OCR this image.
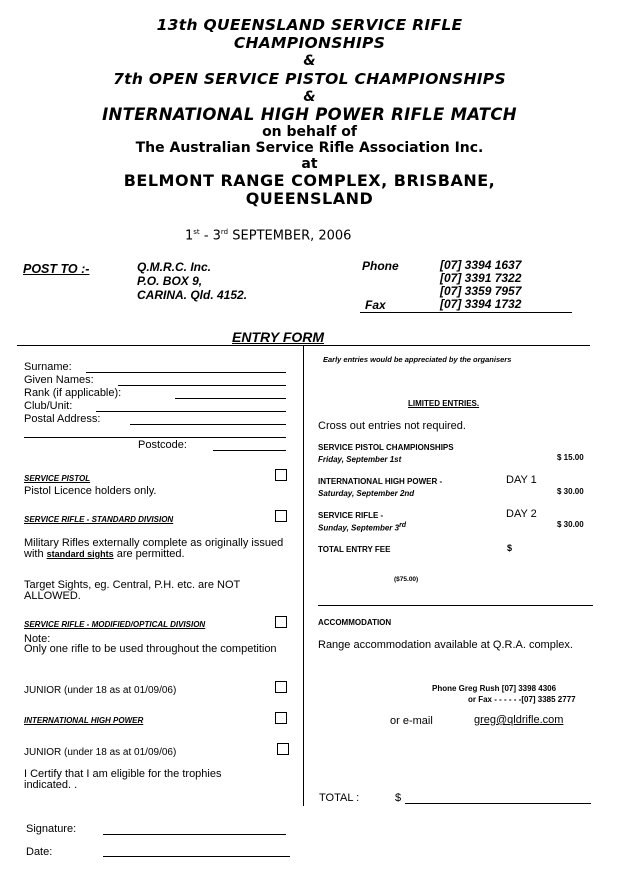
13th QUEENSLAND SERVICE RIFLE
CHAMPIONSHIPS
&
7th OPEN SERVICE PISTOL CHAMPIONSHIPS
&
INTERNATIONAL HIGH POWER RIFLE MATCH
on behalf of
The Australian Service Rifle Association Inc.
at
BELMONT RANGE COMPLEX, BRISBANE,
QUEENSLAND
1st - 3rd SEPTEMBER, 2006
POST TO :-	Q.M.R.C. Inc.
P.O. BOX 9,
CARINA. Qld. 4152.
Phone	[07] 3394 1637
[07] 3391 7322
[07] 3359 7957
Fax	[07] 3394 1732
ENTRY FORM
Surname:
Given Names:
Rank (if applicable):
Club/Unit:
Postal Address:
Postcode:
SERVICE PISTOL
Pistol Licence holders only.
SERVICE RIFLE - STANDARD DIVISION
Military Rifles externally complete as originally issued with standard sights are permitted.
Target Sights, eg. Central, P.H. etc. are NOT ALLOWED.
SERVICE RIFLE - MODIFIED/OPTICAL DIVISION
Note:
Only one rifle to be used throughout the competition
JUNIOR (under 18 as at 01/09/06)
INTERNATIONAL HIGH POWER
JUNIOR (under 18 as at 01/09/06)
I Certify that I am eligible for the trophies indicated. .
Signature:
Date:
Early entries would be appreciated by the organisers
LIMITED ENTRIES.
Cross out entries not required.
SERVICE PISTOL CHAMPIONSHIPS
Friday, September 1st	$ 15.00
INTERNATIONAL HIGH POWER -	DAY 1
Saturday, September 2nd	$ 30.00
SERVICE RIFLE -	DAY 2
Sunday, September 3rd	$ 30.00
TOTAL ENTRY FEE	$
($75.00)
ACCOMMODATION
Range accommodation available at Q.R.A. complex.
Phone Greg Rush [07] 3398 4306
or Fax - - - - - -[07] 3385 2777
or e-mail	greg@qldrifle.com
TOTAL :	$
